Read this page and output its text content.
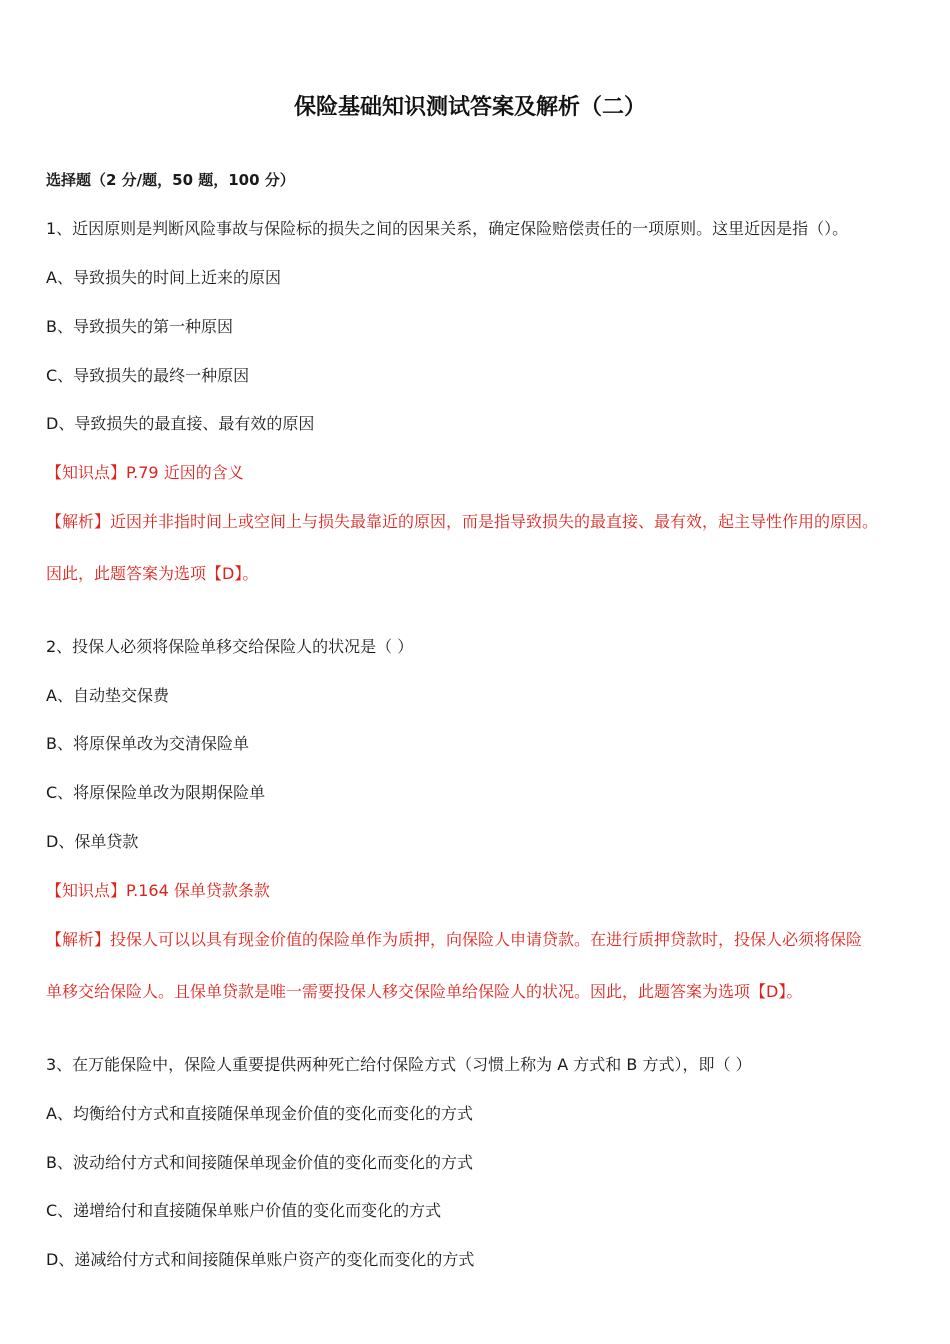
保险基础知识测试答案及解析（二）
选择题（2 分/题，50 题，100 分）
1、近因原则是判断风险事故与保险标的损失之间的因果关系，确定保险赔偿责任的一项原则。这里近因是指（）。
A、导致损失的时间上近来的原因
B、导致损失的第一种原因
C、导致损失的最终一种原因
D、导致损失的最直接、最有效的原因
【知识点】P.79 近因的含义
【解析】近因并非指时间上或空间上与损失最靠近的原因，而是指导致损失的最直接、最有效，起主导性作用的原因。
因此，此题答案为选项【D】。
2、投保人必须将保险单移交给保险人的状况是（ ）
A、自动垫交保费
B、将原保单改为交清保险单
C、将原保险单改为限期保险单
D、保单贷款
【知识点】P.164 保单贷款条款
【解析】投保人可以以具有现金价值的保险单作为质押，向保险人申请贷款。在进行质押贷款时，投保人必须将保险
单移交给保险人。且保单贷款是唯一需要投保人移交保险单给保险人的状况。因此，此题答案为选项【D】。
3、在万能保险中，保险人重要提供两种死亡给付保险方式（习惯上称为 A 方式和 B 方式），即（ ）
A、均衡给付方式和直接随保单现金价值的变化而变化的方式
B、波动给付方式和间接随保单现金价值的变化而变化的方式
C、递增给付和直接随保单账户价值的变化而变化的方式
D、递减给付方式和间接随保单账户资产的变化而变化的方式
